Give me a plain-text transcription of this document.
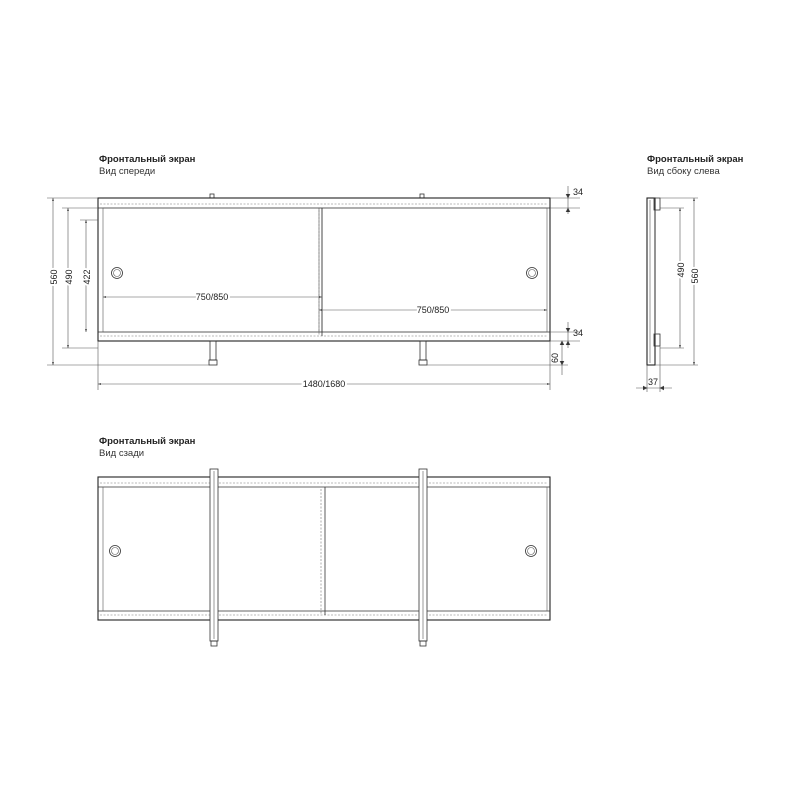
Фронтальный экран
Вид спереди
Фронтальный экран
Вид сбоку слева
Фронтальный экран
Вид сзади
750/850
750/850
560 490 422
34
34
60
1480/1680
490 560
37
